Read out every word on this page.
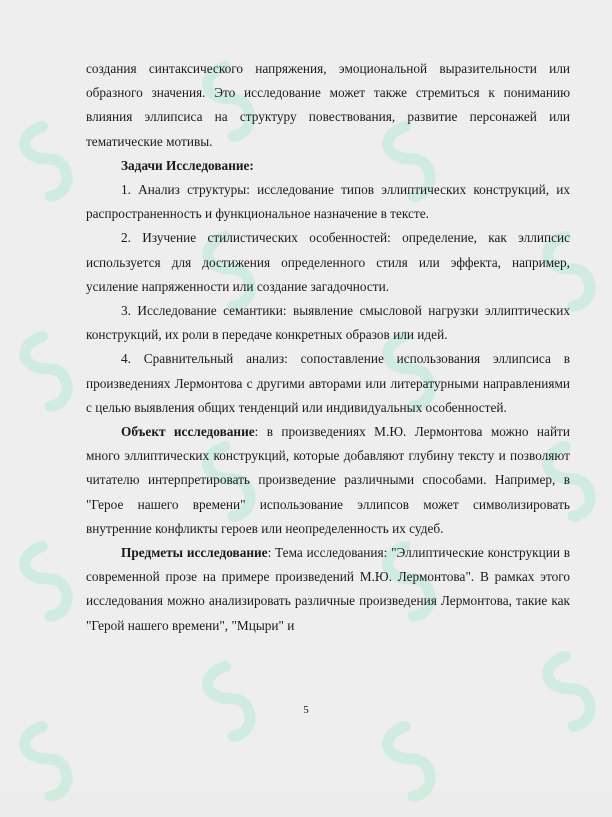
создания синтаксического напряжения, эмоциональной выразительности или образного значения. Это исследование может также стремиться к пониманию влияния эллипсиса на структуру повествования, развитие персонажей или тематические мотивы.

Задачи Исследование:

1. Анализ структуры: исследование типов эллиптических конструкций, их распространенность и функциональное назначение в тексте.

2. Изучение стилистических особенностей: определение, как эллипсис используется для достижения определенного стиля или эффекта, например, усиление напряженности или создание загадочности.

3. Исследование семантики: выявление смысловой нагрузки эллиптических конструкций, их роли в передаче конкретных образов или идей.

4. Сравнительный анализ: сопоставление использования эллипсиса в произведениях Лермонтова с другими авторами или литературными направлениями с целью выявления общих тенденций или индивидуальных особенностей.

Объект исследование: в произведениях М.Ю. Лермонтова можно найти много эллиптических конструкций, которые добавляют глубину тексту и позволяют читателю интерпретировать произведение различными способами. Например, в "Герое нашего времени" использование эллипсов может символизировать внутренние конфликты героев или неопределенность их судеб.

Предметы исследование: Тема исследования: "Эллиптические конструкции в современной прозе на примере произведений М.Ю. Лермонтова". В рамках этого исследования можно анализировать различные произведения Лермонтова, такие как "Герой нашего времени", "Мцыри" и

5
